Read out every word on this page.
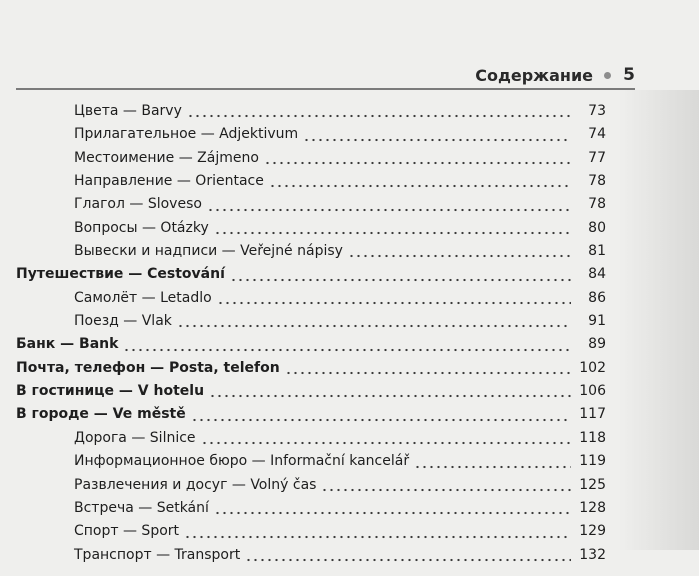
Содержание 5
Цвета — Barvy	73
Прилагательное — Adjektivum	74
Местоимение — Zájmeno	77
Направление — Orientace	78
Глагол — Sloveso	78
Вопросы — Otázky	80
Вывески и надписи — Veřejné nápisy	81
Путешествие — Cestování	84
Самолёт — Letadlo	86
Поезд — Vlak	91
Банк — Bank	89
Почта, телефон — Posta, telefon	102
В гостинице — V hotelu	106
В городе — Ve městě	117
Дорога — Silnice	118
Информационное бюро — Informační kancelář	119
Развлечения и досуг — Volný čas	125
Встреча — Setkání	128
Спорт — Sport	129
Транспорт — Transport	132
